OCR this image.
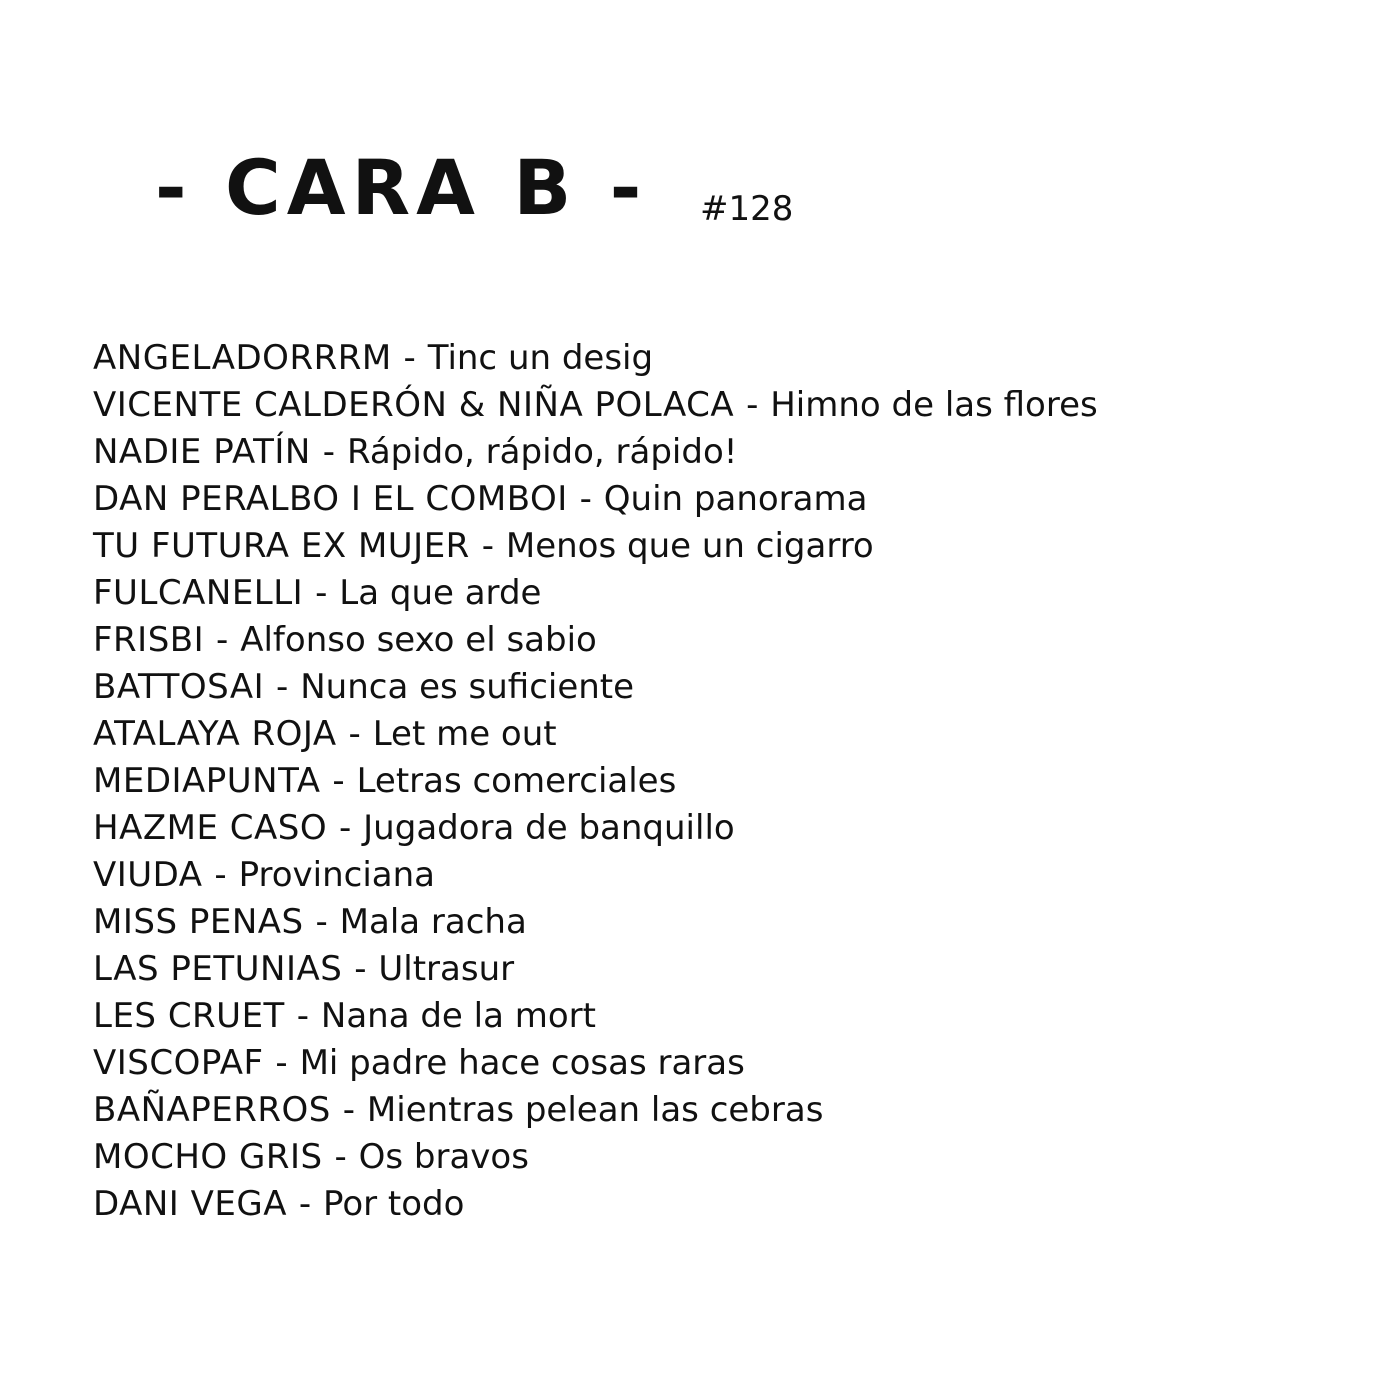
- CARA B - #128
ANGELADORRRM - Tinc un desig
VICENTE CALDERÓN & NIÑA POLACA - Himno de las flores
NADIE PATÍN - Rápido, rápido, rápido!
DAN PERALBO I EL COMBOI - Quin panorama
TU FUTURA EX MUJER - Menos que un cigarro
FULCANELLI - La que arde
FRISBI - Alfonso sexo el sabio
BATTOSAI - Nunca es suficiente
ATALAYA ROJA - Let me out
MEDIAPUNTA - Letras comerciales
HAZME CASO - Jugadora de banquillo
VIUDA - Provinciana
MISS PENAS - Mala racha
LAS PETUNIAS - Ultrasur
LES CRUET - Nana de la mort
VISCOPAF - Mi padre hace cosas raras
BAÑAPERROS - Mientras pelean las cebras
MOCHO GRIS - Os bravos
DANI VEGA - Por todo
